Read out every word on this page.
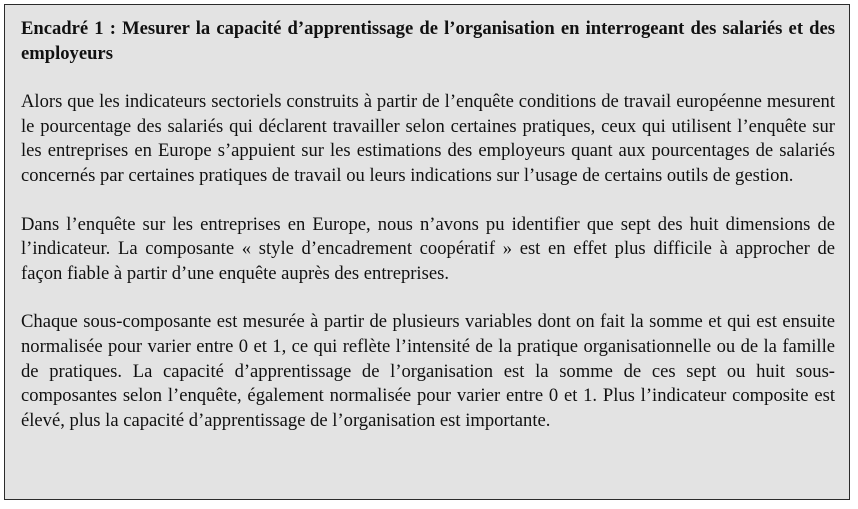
Encadré 1 : Mesurer la capacité d’apprentissage de l’organisation en interrogeant des salariés et des employeurs

Alors que les indicateurs sectoriels construits à partir de l’enquête conditions de travail européenne mesurent le pourcentage des salariés qui déclarent travailler selon certaines pratiques, ceux qui utilisent l’enquête sur les entreprises en Europe s’appuient sur les estimations des employeurs quant aux pourcentages de salariés concernés par certaines pratiques de travail ou leurs indications sur l’usage de certains outils de gestion.

Dans l’enquête sur les entreprises en Europe, nous n’avons pu identifier que sept des huit dimensions de l’indicateur. La composante « style d’encadrement coopératif » est en effet plus difficile à approcher de façon fiable à partir d’une enquête auprès des entreprises.

Chaque sous-composante est mesurée à partir de plusieurs variables dont on fait la somme et qui est ensuite normalisée pour varier entre 0 et 1, ce qui reflète l’intensité de la pratique organisationnelle ou de la famille de pratiques. La capacité d’apprentissage de l’organisation est la somme de ces sept ou huit sous-composantes selon l’enquête, également normalisée pour varier entre 0 et 1. Plus l’indicateur composite est élevé, plus la capacité d’apprentissage de l’organisation est importante.
